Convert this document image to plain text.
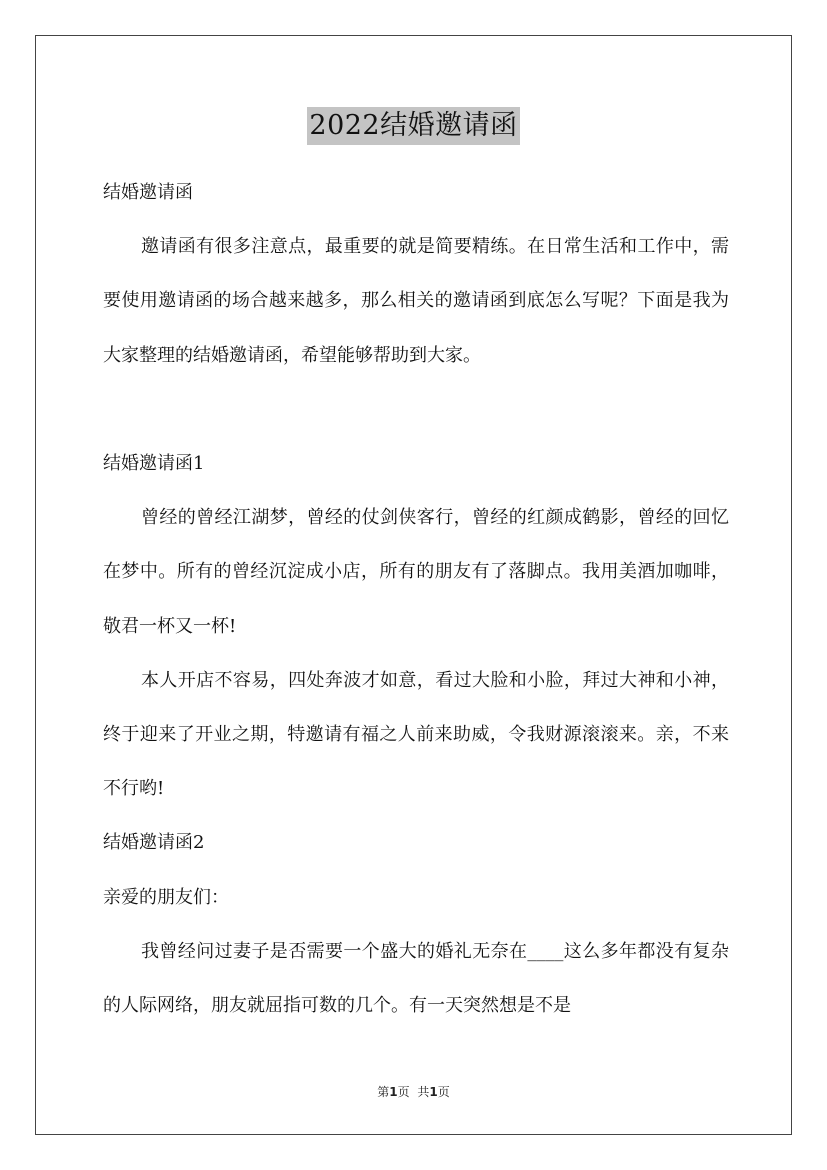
2022结婚邀请函

结婚邀请函

邀请函有很多注意点，最重要的就是简要精练。在日常生活和工作中，需要使用邀请函的场合越来越多，那么相关的邀请函到底怎么写呢？下面是我为大家整理的结婚邀请函，希望能够帮助到大家。

结婚邀请函1

曾经的曾经江湖梦，曾经的仗剑侠客行，曾经的红颜成鹤影，曾经的回忆在梦中。所有的曾经沉淀成小店，所有的朋友有了落脚点。我用美酒加咖啡，敬君一杯又一杯!

本人开店不容易，四处奔波才如意，看过大脸和小脸，拜过大神和小神，终于迎来了开业之期，特邀请有福之人前来助威，令我财源滚滚来。亲，不来不行哟!

结婚邀请函2

亲爱的朋友们：

我曾经问过妻子是否需要一个盛大的婚礼无奈在____这么多年都没有复杂的人际网络，朋友就屈指可数的几个。有一天突然想是不是

第1页 共1页
